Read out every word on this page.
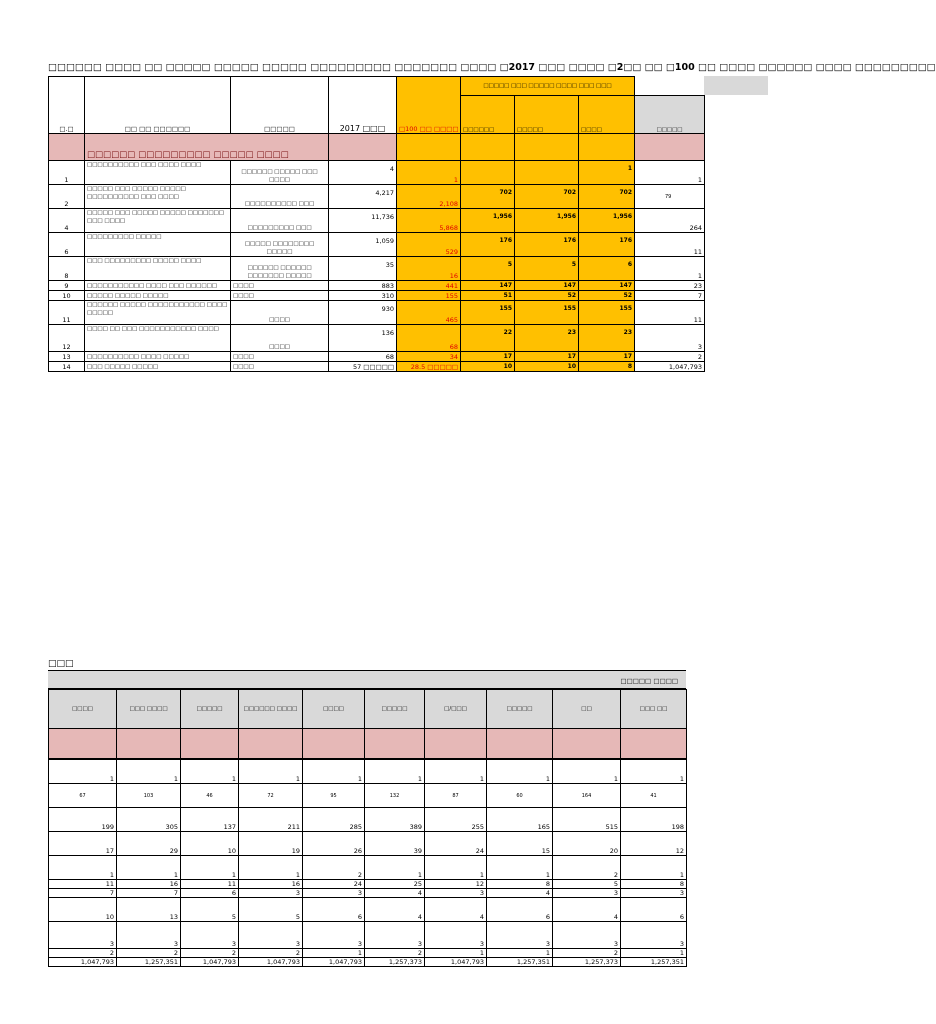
□□□□□□ □□□□ □□ □□□□□ □□□□□ □□□□□ □□□□□□□□□ □□□□□□□ □□□□ □2017 □□□ □□□□ □2□□ □□ □100 □□ □□□□ □□□□□□ □□□□ □□□□□□□□□
□.□	□□ □□ □□□□□□	□□□□□	2017 □□□	□100 □□ □□□□	□□□□□ □□□ □□□□□ □□□□ □□□ □□□			
					□□□□□□	□□□□□	□□□□	□□□□□
	□□□□□□ □□□□□□□□□ □□□□□ □□□□							
1	□□□□□□□□□□ □□□ □□□□ □□□□	□□□□□□ □□□□□ □□□ □□□□	4	1			1	1
2	□□□□□ □□□ □□□□□ □□□□□ □□□□□□□□□□ □□□ □□□□	□□□□□□□□□□ □□□	4,217	2,108	702	702	702	79
4	□□□□□ □□□ □□□□□ □□□□□ □□□□□□□ □□□ □□□□	□□□□□□□□□ □□□	11,736	5,868	1,956	1,956	1,956	264
6	□□□□□□□□□ □□□□□	□□□□□ □□□□□□□□ □□□□□	1,059	529	176	176	176	11
8	□□□ □□□□□□□□□ □□□□□ □□□□	□□□□□□ □□□□□□ □□□□□□□ □□□□□	35	16	5	5	6	1
9	□□□□□□□□□□□ □□□□ □□□ □□□□□□	□□□□	883	441	147	147	147	23
10	□□□□□ □□□□□ □□□□□	□□□□	310	155	51	52	52	7
11	□□□□□□ □□□□□ □□□□□□□□□□□ □□□□ □□□□□	□□□□	930	465	155	155	155	11
12	□□□□ □□ □□□ □□□□□□□□□□□ □□□□	□□□□	136	68	22	23	23	3
13	□□□□□□□□□□ □□□□ □□□□□	□□□□	68	34	17	17	17	2
14	□□□ □□□□□ □□□□□	□□□□	57 □□□□□	28.5 □□□□□	10	10	8	1,047,793
□□□
□□□□□ □□□□
□□□□	□□□ □□□□	□□□□□	□□□□□□ □□□□	□□□□	□□□□□	□/□□□	□□□□□	□□	□□□ □□

1	1	1	1	1	1	1	1	1	1
67	103	46	72	95	132	87	60	164	41
199	305	137	211	285	389	255	165	515	198
17	29	10	19	26	39	24	15	20	12
1	1	1	1	2	1	1	1	2	1
11	16	11	16	24	25	12	8	5	8
7	7	6	3	3	4	3	4	3	3
10	13	5	5	6	4	4	6	4	6
3	3	3	3	3	3	3	3	3	3
2	2	2	2	1	2	1	1	2	1
1,047,793	1,257,351	1,047,793	1,047,793	1,047,793	1,257,373	1,047,793	1,257,351	1,257,373	1,257,351
